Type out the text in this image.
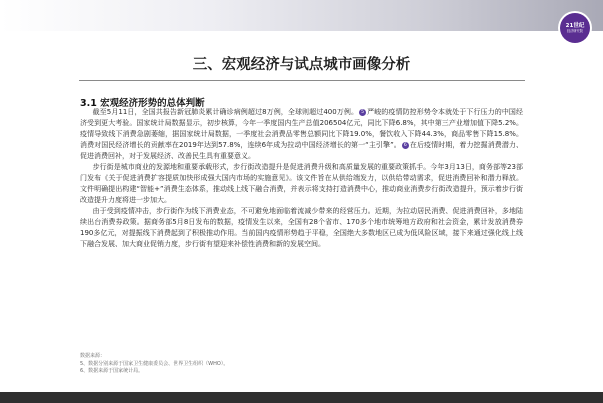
21世纪
经济研究院
三、宏观经济与试点城市画像分析
3.1 宏观经济形势的总体判断

截至5月11日，全国共报告新冠肺炎累计确诊病例超过8万例，全球则超过400万例。 5 严峻的疫情防控形势令本就处于下行压力的中国经济受到更大考验。国家统计局数据显示，初步核算，今年一季度国内生产总值206504亿元，同比下降6.8%，其中第三产业增加值下降5.2%。疫情导致线下消费急剧萎缩，据国家统计局数据，一季度社会消费品零售总额同比下降19.0%，餐饮收入下降44.3%，商品零售下降15.8%。消费对国民经济增长的贡献率在2019年达到57.8%，连续6年成为拉动中国经济增长的第一“主引擎”。 6 在后疫情时期，着力挖掘消费潜力、促进消费回补，对于发展经济、改善民生具有重要意义。

步行街是城市商业的发源地和重要承载形式，步行街改造提升是促进消费升级和高质量发展的重要政策抓手。今年3月13日，商务部等23部门发布《关于促进消费扩容提质加快形成强大国内市场的实施意见》。该文件旨在从供给端发力，以供给带动需求，促进消费回补和潜力释放。文件明确提出构建“智能+”消费生态体系，推动线上线下融合消费，并表示将支持打造消费中心，推动商业消费步行街改造提升，预示着步行街改造提升力度将进一步加大。

由于受到疫情冲击，步行街作为线下消费业态，不可避免地面临着流减少带来的经营压力。近期，为拉动居民消费、促进消费回补，多地陆续出台消费券政策。据商务部5月8日发布的数据，疫情发生以来，全国有28个省市、170多个地市统筹地方政府和社会资金，累计发放消费券190多亿元，对提振线下消费起到了积极推动作用。当前国内疫情形势趋于平稳，全国绝大多数地区已成为低风险区域，接下来通过强化线上线下融合发展、加大商业促销力度，步行街有望迎来补偿性消费和新的发展空间。

数据来源：
5、数据分别来源于国家卫生健康委员会、世界卫生组织（WHO）。
6、数据来源于国家统计局。
